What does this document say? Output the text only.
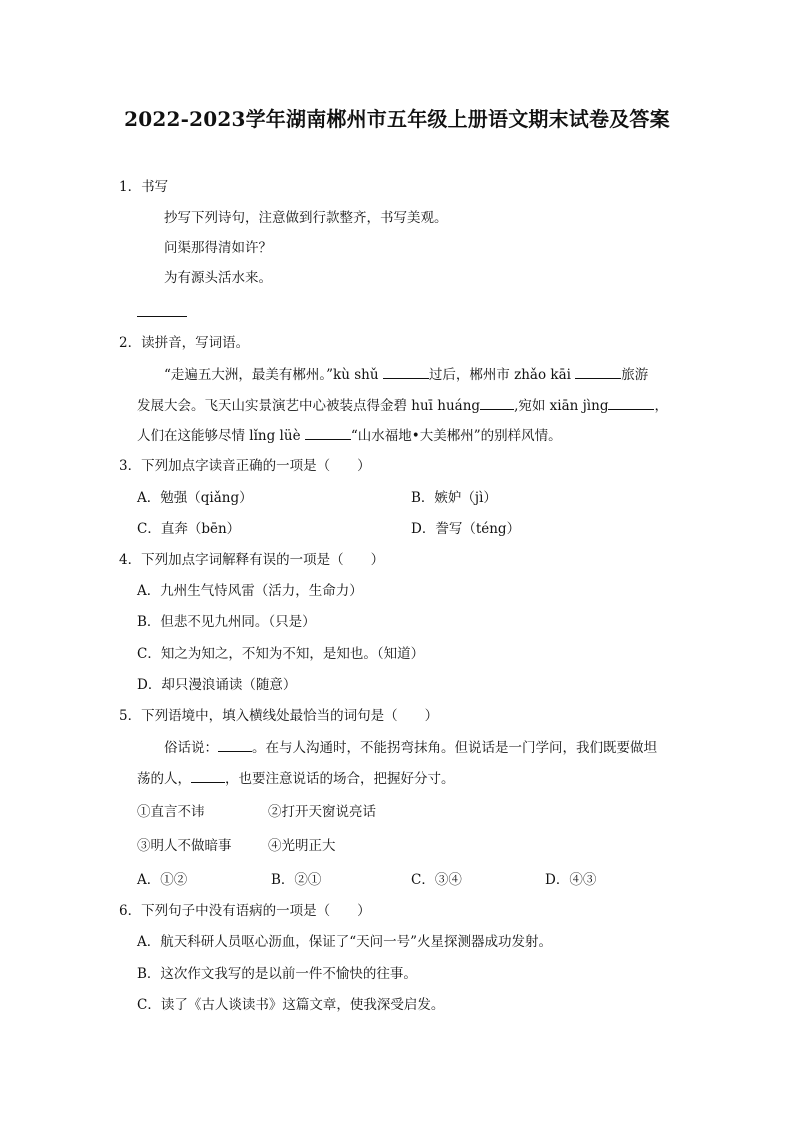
2022-2023学年湖南郴州市五年级上册语文期末试卷及答案
1．书写
抄写下列诗句，注意做到行款整齐，书写美观。
问渠那得清如许？
为有源头活水来。
2．读拼音，写词语。
“走遍五大洲，最美有郴州。”kù shǔ	过后，郴州市 zhǎo kāi	旅游
发展大会。飞天山实景演艺中心被装点得金碧 huī huáng	,宛如 xiān jìng	，
人们在这能够尽情 lǐng lüè	“山水福地•大美郴州”的别样风情。
3．下列加点字读音正确的一项是（　　）
A．勉强（qiǎng）	B．嫉妒（jì）
C．直奔（bēn）	D．誊写（téng）
4．下列加点字词解释有误的一项是（　　）
A．九州生气恃风雷（活力，生命力）
B．但悲不见九州同。（只是）
C．知之为知之，不知为不知，是知也。（知道）
D．却只漫浪诵读（随意）
5．下列语境中，填入横线处最恰当的词句是（　　）
俗话说：	。在与人沟通时，不能拐弯抹角。但说话是一门学问，我们既要做坦
荡的人，	，也要注意说话的场合，把握好分寸。
①直言不讳	②打开天窗说亮话
③明人不做暗事	④光明正大
A．①②	B．②①	C．③④	D．④③
6．下列句子中没有语病的一项是（　　）
A．航天科研人员呕心沥血，保证了“天问一号”火星探测器成功发射。
B．这次作文我写的是以前一件不愉快的往事。
C．读了《古人谈读书》这篇文章，使我深受启发。
